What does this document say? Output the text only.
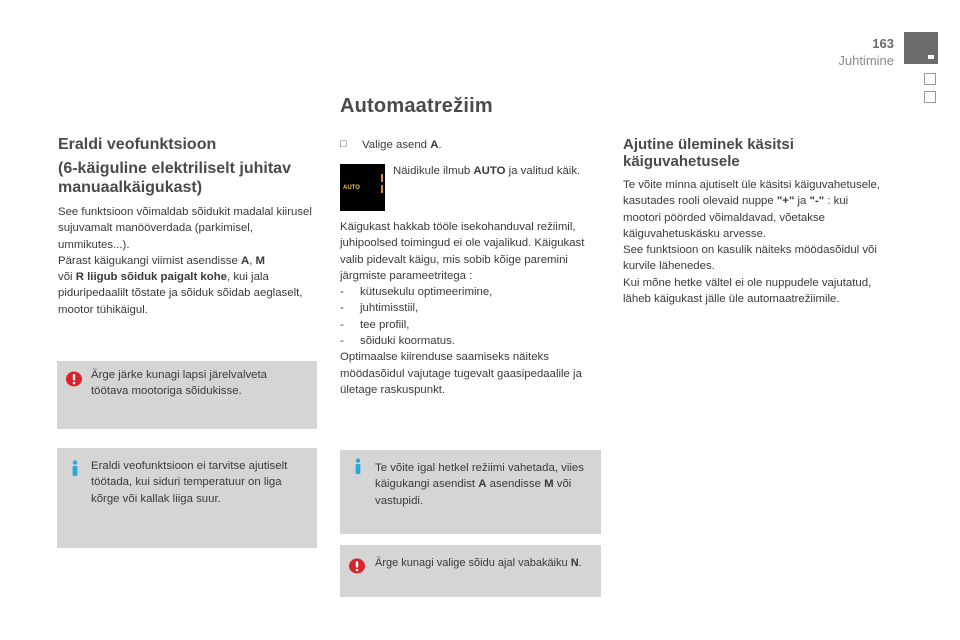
163
Juhtimine
Automaatrežiim
Eraldi veofunktsioon
(6-käiguline elektriliselt juhitav manuaalkäigukast)
See funktsioon võimaldab sõidukit madalal kiirusel sujuvamalt manööverdada (parkimisel, ummikutes...).
Pärast käigukangi viimist asendisse A, M
või R liigub sõiduk paigalt kohe, kui jala piduripedaalilt tõstate ja sõiduk sõidab aeglaselt, mootor tühikäigul.
Ärge järke kunagi lapsi järelvalveta töötava mootoriga sõidukisse.
Eraldi veofunktsioon ei tarvitse ajutiselt töötada, kui siduri temperatuur on liga kõrge või kallak liiga suur.
□ Valige asend A.
AUTO
Näidikule ilmub AUTO ja valitud käik.
Käigukast hakkab tööle isekohanduval režiimil, juhipoolsed toimingud ei ole vajalikud. Käigukast valib pidevalt käigu, mis sobib kõige paremini järgmiste parameetritega :
- kütusekulu optimeerimine,
- juhtimisstiil,
- tee profiil,
- sõiduki koormatus.
Optimaalse kiirenduse saamiseks näiteks möödasõidul vajutage tugevalt gaasipedaalile ja ületage raskuspunkt.
Te võite igal hetkel režiimi vahetada, viies käigukangi asendist A asendisse M või vastupidi.
Ärge kunagi valige sõidu ajal vabakäiku N.
Ajutine üleminek käsitsi käiguvahetusele
Te võite minna ajutiselt üle käsitsi käiguvahetusele, kasutades rooli olevaid nuppe "+" ja "-" : kui mootori pöörded võimaldavad, võetakse käiguvahetuskäsku arvesse.
See funktsioon on kasulik näiteks möödasõidul või kurvile lähenedes.
Kui mõne hetke vältel ei ole nuppudele vajutatud, läheb käigukast jälle üle automaatrežiimile.
